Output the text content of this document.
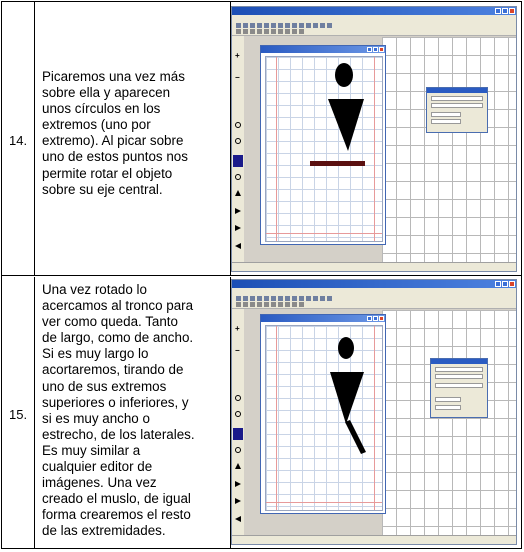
14.
Picaremos una vez más
sobre ella y aparecen
unos círculos en los
extremos (uno por
extremo). Al picar sobre
uno de estos puntos nos
permite rotar el objeto
sobre su eje central.
+
−
15.
Una vez rotado lo
acercamos al tronco para
ver como queda. Tanto
de largo, como de ancho.
Si es muy largo lo
acortaremos, tirando de
uno de sus extremos
superiores o inferiores, y
si es muy ancho o
estrecho, de los laterales.
Es muy similar a
cualquier editor de
imágenes. Una vez
creado el muslo, de igual
forma crearemos el resto
de las extremidades.
+
−
